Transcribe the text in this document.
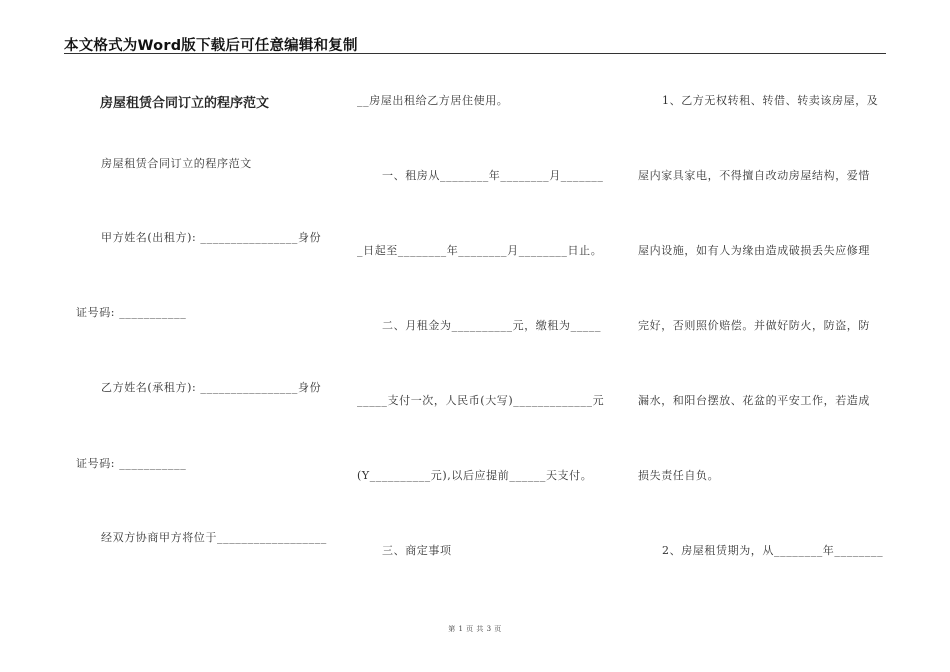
本文格式为Word版下载后可任意编辑和复制
房屋租赁合同订立的程序范文
房屋租赁合同订立的程序范文
甲方姓名(出租方): ________________身份
证号码: ___________
乙方姓名(承租方): ________________身份
证号码: ___________
经双方协商甲方将位于__________________
__房屋出租给乙方居住使用。
一、租房从________年________月_______
_日起至________年________月________日止。
二、月租金为__________元，缴租为_____
_____支付一次，人民币(大写)_____________元
(Y__________元),以后应提前______天支付。
三、商定事项
1、乙方无权转租、转借、转卖该房屋，及
屋内家具家电，不得擅自改动房屋结构，爱惜
屋内设施，如有人为缘由造成破损丢失应修理
完好，否则照价赔偿。并做好防火，防盗，防
漏水，和阳台摆放、花盆的平安工作，若造成
损失责任自负。
2、房屋租赁期为，从________年________
第 1 页 共 3 页
